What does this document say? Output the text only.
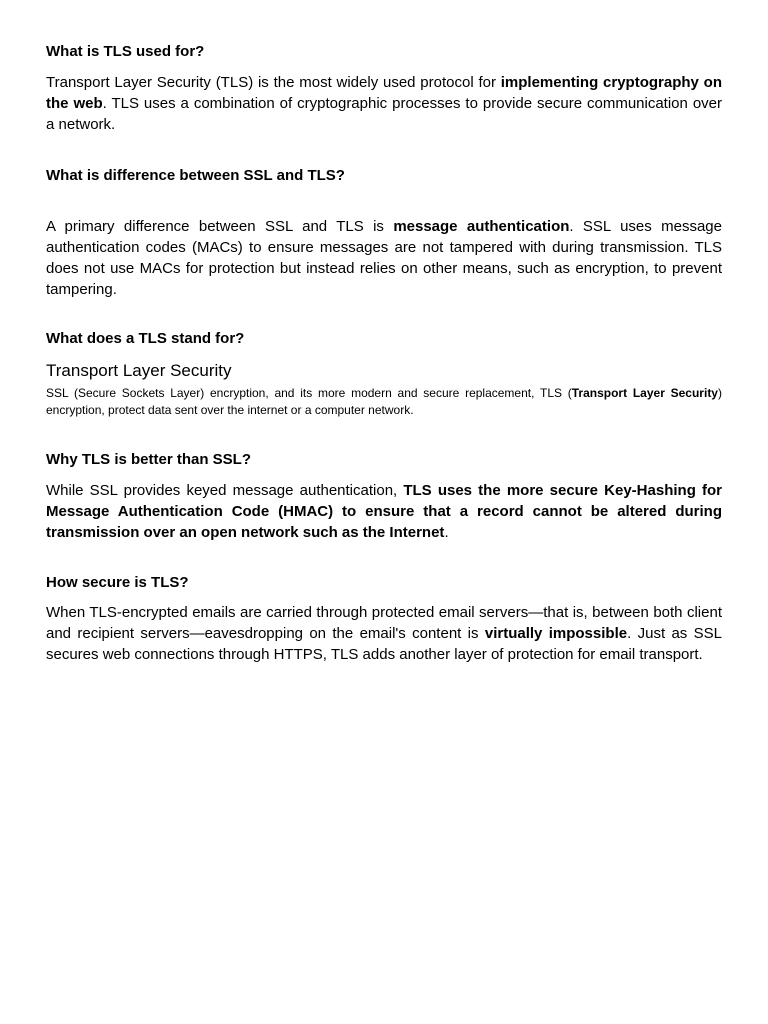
What is TLS used for?

Transport Layer Security (TLS) is the most widely used protocol for implementing cryptography on the web. TLS uses a combination of cryptographic processes to provide secure communication over a network.

What is difference between SSL and TLS?

A primary difference between SSL and TLS is message authentication. SSL uses message authentication codes (MACs) to ensure messages are not tampered with during transmission. TLS does not use MACs for protection but instead relies on other means, such as encryption, to prevent tampering.

What does a TLS stand for?

Transport Layer Security

SSL (Secure Sockets Layer) encryption, and its more modern and secure replacement, TLS (Transport Layer Security) encryption, protect data sent over the internet or a computer network.

Why TLS is better than SSL?

While SSL provides keyed message authentication, TLS uses the more secure Key-Hashing for Message Authentication Code (HMAC) to ensure that a record cannot be altered during transmission over an open network such as the Internet.

How secure is TLS?

When TLS-encrypted emails are carried through protected email servers—that is, between both client and recipient servers—eavesdropping on the email's content is virtually impossible. Just as SSL secures web connections through HTTPS, TLS adds another layer of protection for email transport.
